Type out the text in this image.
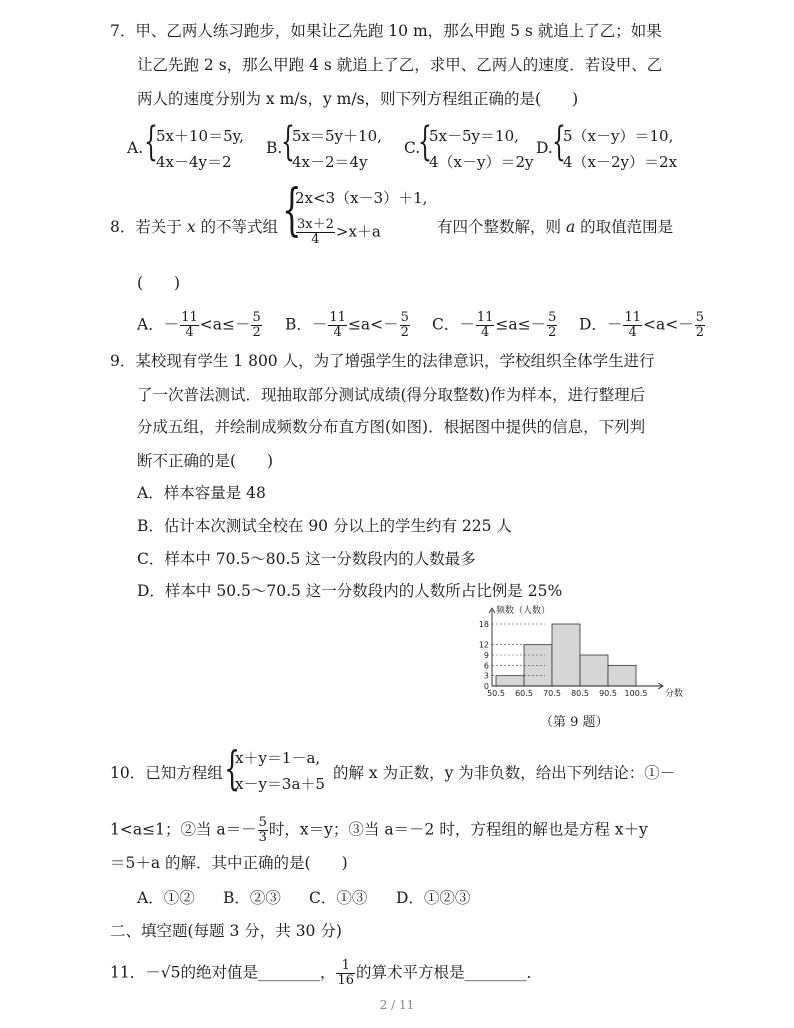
7．甲、乙两人练习跑步，如果让乙先跑 10 m，那么甲跑 5 s 就追上了乙；如果
让乙先跑 2 s，那么甲跑 4 s 就追上了乙，求甲、乙两人的速度．若设甲、乙
两人的速度分别为 x m/s，y m/s，则下列方程组正确的是(　　)
A. {
5x＋10＝5y,
4x－4y＝2
B.
{
5x＝5y＋10,
4x－2＝4y
C.
{
5x－5y＝10,
4（x－y）＝2y
D. {
5（x－y）＝10,
4（x－2y）＝2x
8．若关于 x 的不等式组 {
2x<3（x－3）＋1,
$\frac{3x+2}{4} >x+a$	有四个整数解，则 a 的取值范围是
(　　)
A．－ $\frac{11}{4} <a\le- \frac{5}{2}$ B．－ $\frac{11}{4} \le a<- \frac{5}{2}$ C．－ $\frac{11}{4} \le a\le- \frac{5}{2}$ D．－ $\frac{11}{4} <a<- \frac{5}{2}$
9．某校现有学生 1 800 人，为了增强学生的法律意识，学校组织全体学生进行
了一次普法测试．现抽取部分测试成绩(得分取整数)作为样本，进行整理后
分成五组，并绘制成频数分布直方图(如图)．根据图中提供的信息，下列判
断不正确的是(　　)
A．样本容量是 48
B．估计本次测试全校在 90 分以上的学生约有 225 人
C．样本中 70.5～80.5 这一分数段内的人数最多
D．样本中 50.5～70.5 这一分数段内的人数所占比例是 25%
0
3
6
9
12
18
50.5 60.5 70.5 80.5 90.5 100.5
频数（人数）
分数
（第 9 题）
10．已知方程组 {
x＋y＝1－a,
x－y＝3a＋5
的解 x 为正数，y 为非负数，给出下列结论：①－
1<a≤1；②当 $a=- \frac{5}{3}$ 时，x＝y；③当 a＝－2 时，方程组的解也是方程 x＋y
＝5＋a 的解．其中正确的是(　　)
A．①② B．②③ C．①③ D．①②③
二、填空题(每题 3 分，共 30 分)
11．－√5的绝对值是________， $\frac{1}{16}$ 的算术平方根是________．
2 / 11
